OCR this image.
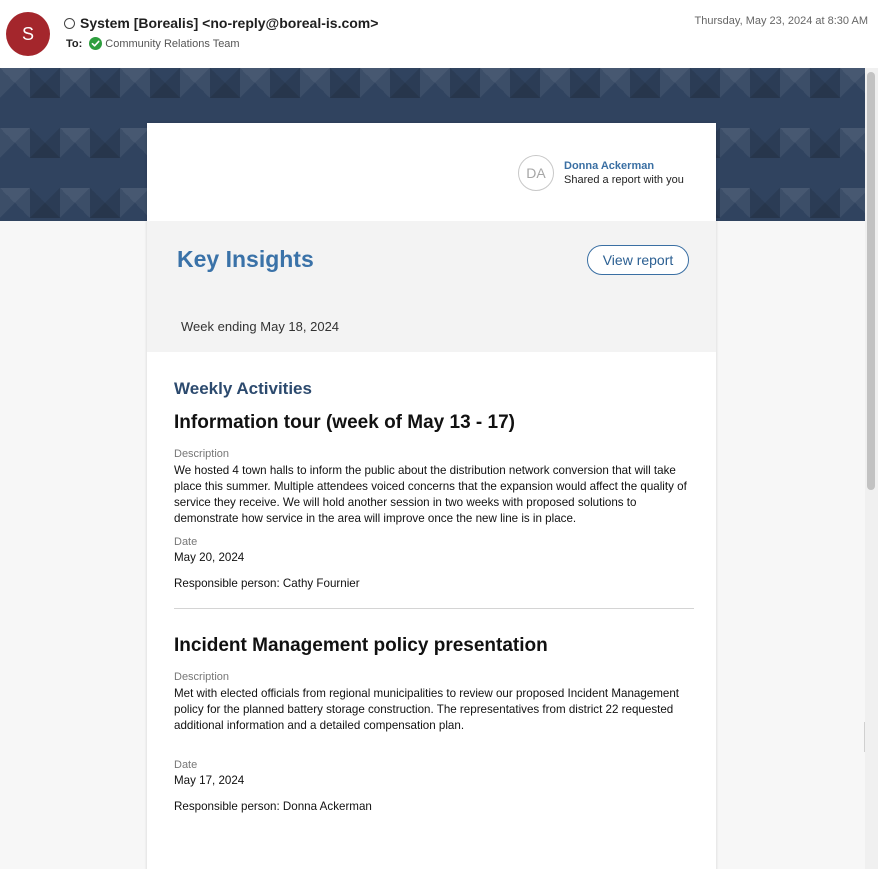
S
System [Borealis] <no-reply@boreal-is.com>
To: Community Relations Team
Thursday, May 23, 2024 at 8:30 AM
DA	Donna Ackerman
Shared a report with you
Key Insights	View report
Week ending May 18, 2024
Weekly Activities
Information tour (week of May 13 - 17)
Description
We hosted 4 town halls to inform the public about the distribution network conversion that will take place this summer. Multiple attendees voiced concerns that the expansion would affect the quality of service they receive. We will hold another session in two weeks with proposed solutions to demonstrate how service in the area will improve once the new line is in place.
Date
May 20, 2024
Responsible person: Cathy Fournier
Incident Management policy presentation
Description
Met with elected officials from regional municipalities to review our proposed Incident Management policy for the planned battery storage construction. The representatives from district 22 requested additional information and a detailed compensation plan.
Date
May 17, 2024
Responsible person: Donna Ackerman
